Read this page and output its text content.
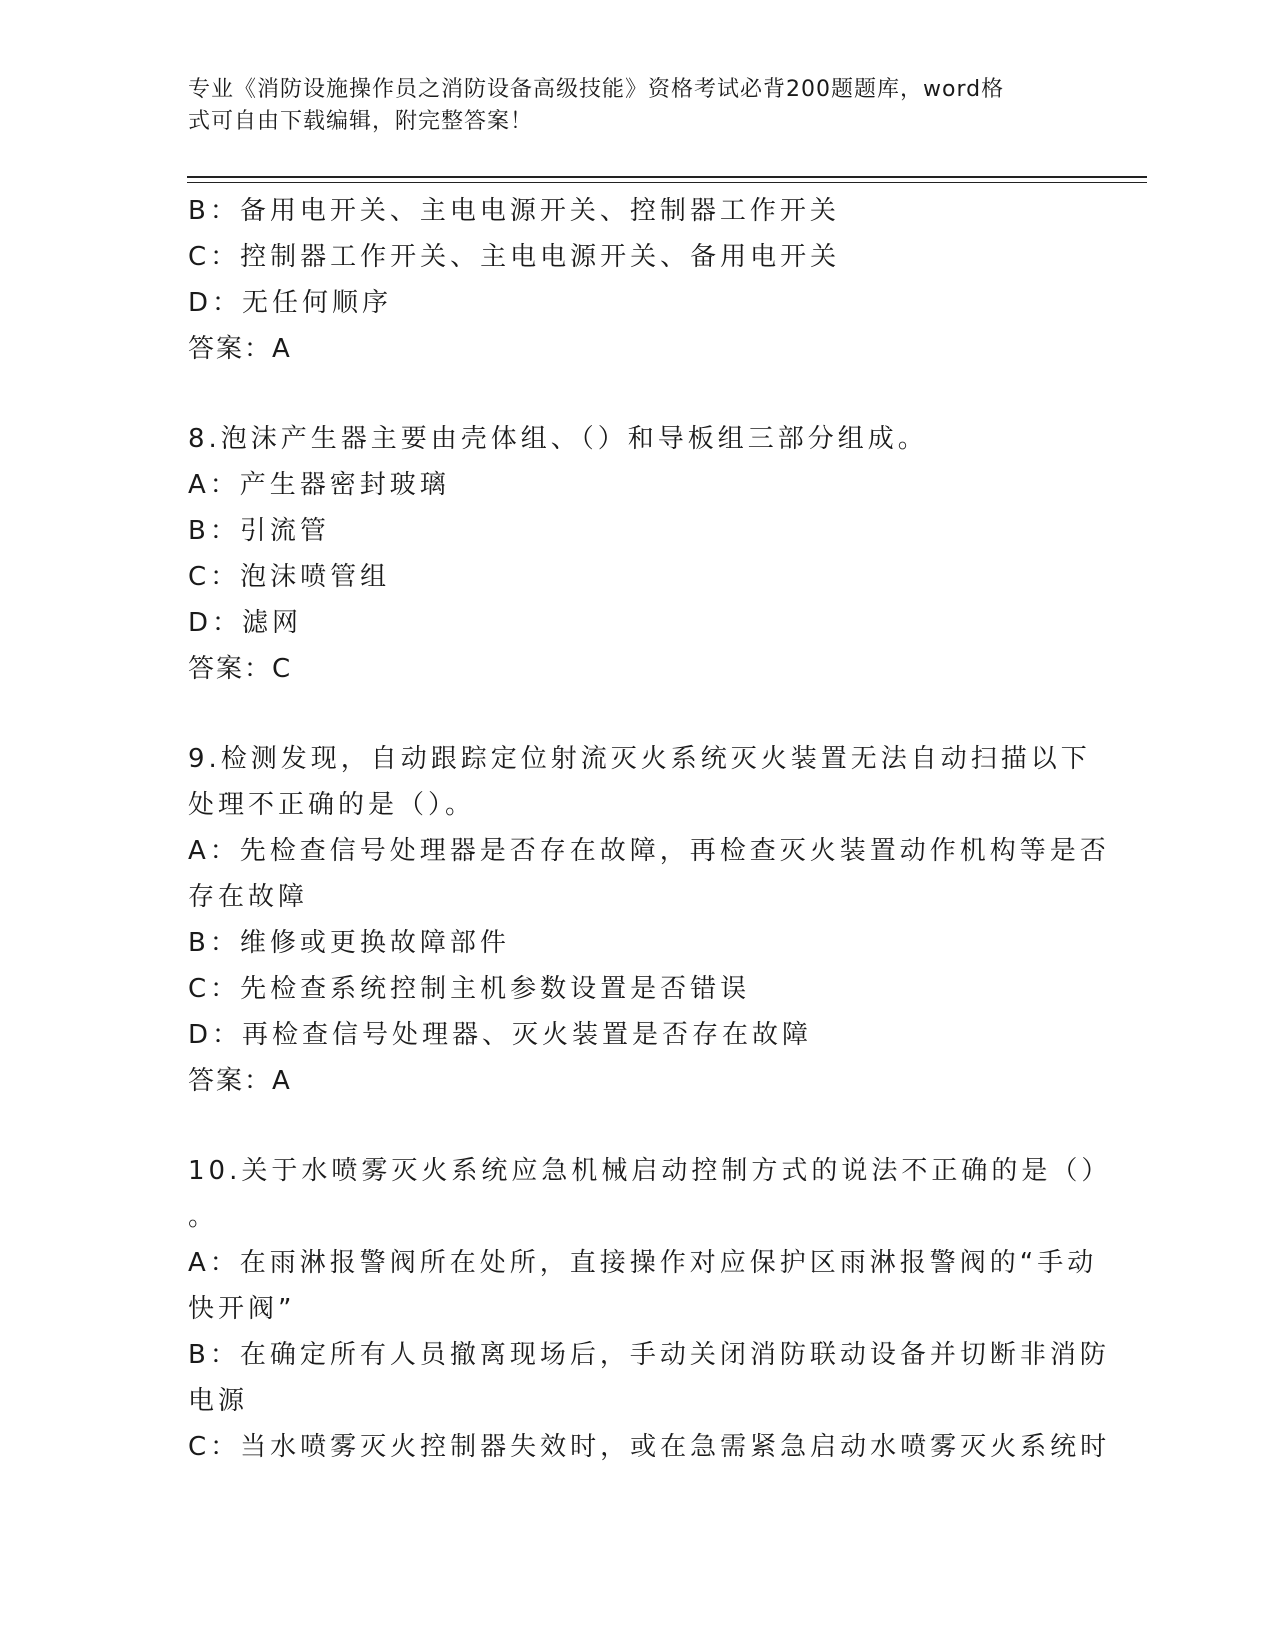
专业《消防设施操作员之消防设备高级技能》资格考试必背200题题库，word格
式可自由下载编辑，附完整答案！
B：备用电开关、主电电源开关、控制器工作开关
C：控制器工作开关、主电电源开关、备用电开关
D：无任何顺序
答案：A
8.泡沫产生器主要由壳体组、（）和导板组三部分组成。
A：产生器密封玻璃
B：引流管
C：泡沫喷管组
D：滤网
答案：C
9.检测发现，自动跟踪定位射流灭火系统灭火装置无法自动扫描以下
处理不正确的是（）。
A：先检查信号处理器是否存在故障，再检查灭火装置动作机构等是否
存在故障
B：维修或更换故障部件
C：先检查系统控制主机参数设置是否错误
D：再检查信号处理器、灭火装置是否存在故障
答案：A
10.关于水喷雾灭火系统应急机械启动控制方式的说法不正确的是（）
。
A：在雨淋报警阀所在处所，直接操作对应保护区雨淋报警阀的“手动
快开阀”
B：在确定所有人员撤离现场后，手动关闭消防联动设备并切断非消防
电源
C：当水喷雾灭火控制器失效时，或在急需紧急启动水喷雾灭火系统时
